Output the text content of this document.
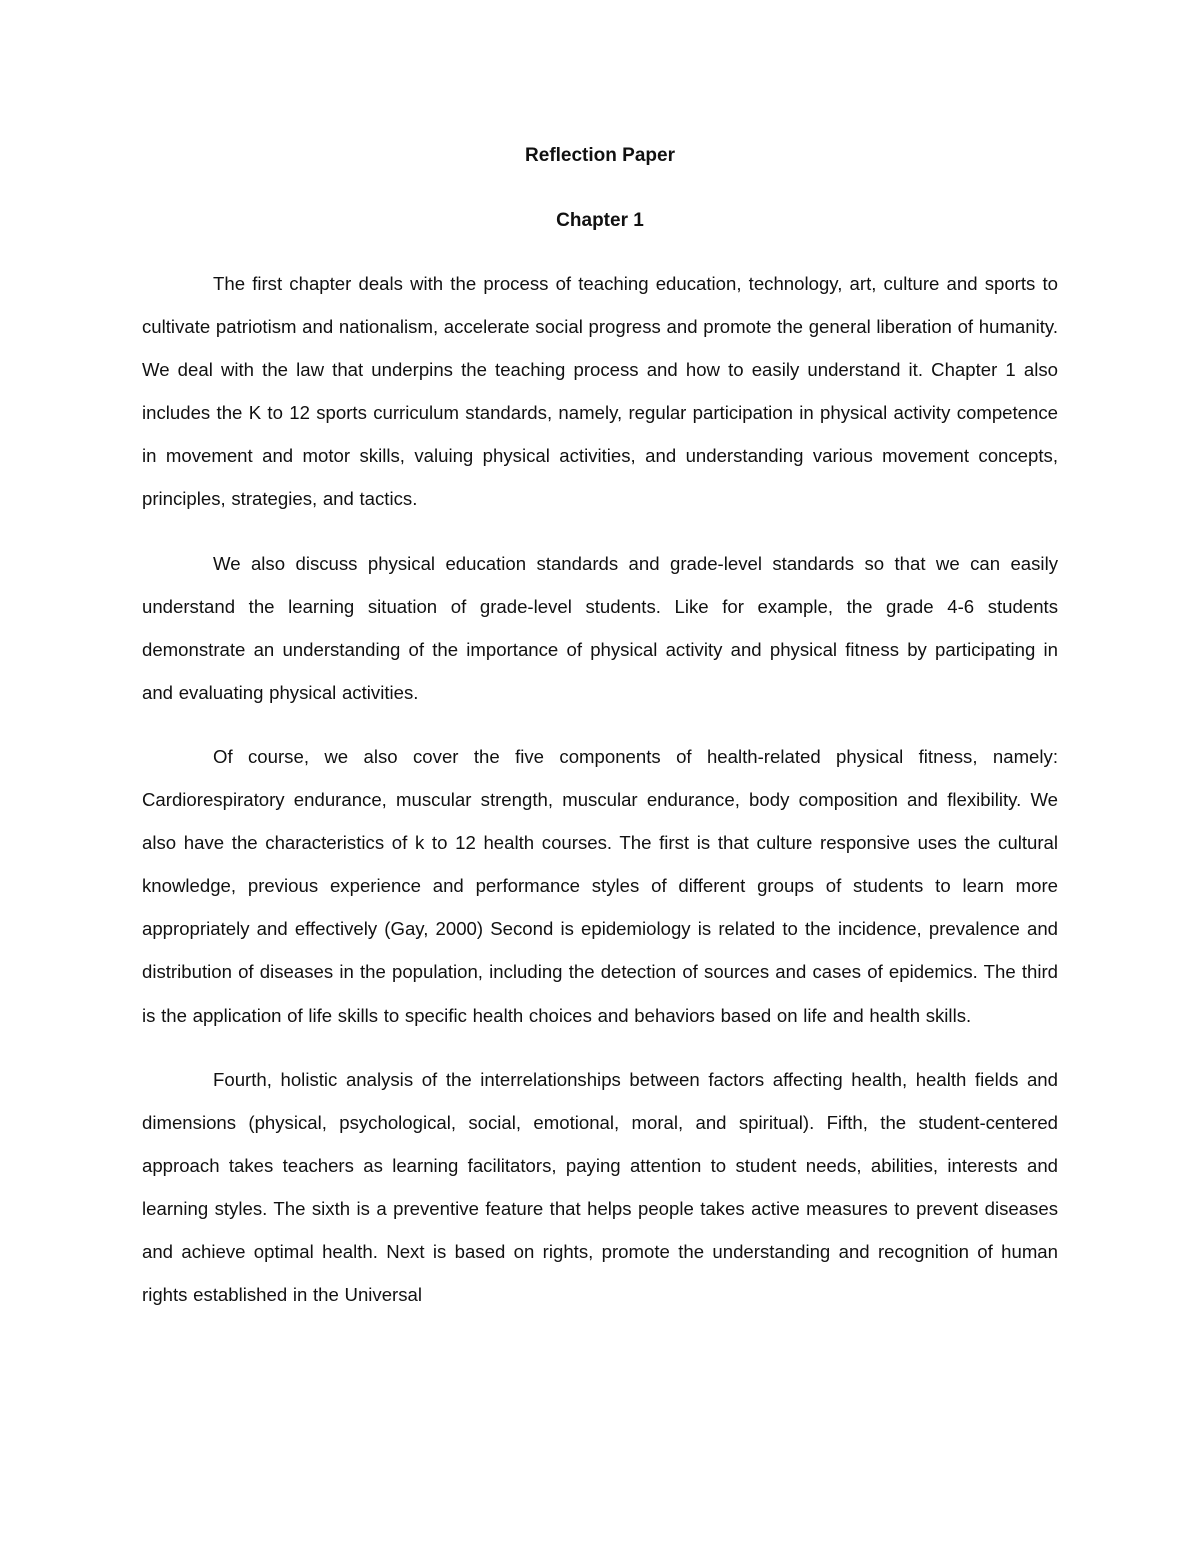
Reflection Paper
Chapter 1

The first chapter deals with the process of teaching education, technology, art, culture and sports to cultivate patriotism and nationalism, accelerate social progress and promote the general liberation of humanity. We deal with the law that underpins the teaching process and how to easily understand it. Chapter 1 also includes the K to 12 sports curriculum standards, namely, regular participation in physical activity competence in movement and motor skills, valuing physical activities, and understanding various movement concepts, principles, strategies, and tactics.

We also discuss physical education standards and grade-level standards so that we can easily understand the learning situation of grade-level students. Like for example, the grade 4-6 students demonstrate an understanding of the importance of physical activity and physical fitness by participating in and evaluating physical activities.

Of course, we also cover the five components of health-related physical fitness, namely: Cardiorespiratory endurance, muscular strength, muscular endurance, body composition and flexibility. We also have the characteristics of k to 12 health courses. The first is that culture responsive uses the cultural knowledge, previous experience and performance styles of different groups of students to learn more appropriately and effectively (Gay, 2000) Second is epidemiology is related to the incidence, prevalence and distribution of diseases in the population, including the detection of sources and cases of epidemics. The third is the application of life skills to specific health choices and behaviors based on life and health skills.

Fourth, holistic analysis of the interrelationships between factors affecting health, health fields and dimensions (physical, psychological, social, emotional, moral, and spiritual). Fifth, the student-centered approach takes teachers as learning facilitators, paying attention to student needs, abilities, interests and learning styles. The sixth is a preventive feature that helps people takes active measures to prevent diseases and achieve optimal health. Next is based on rights, promote the understanding and recognition of human rights established in the Universal
